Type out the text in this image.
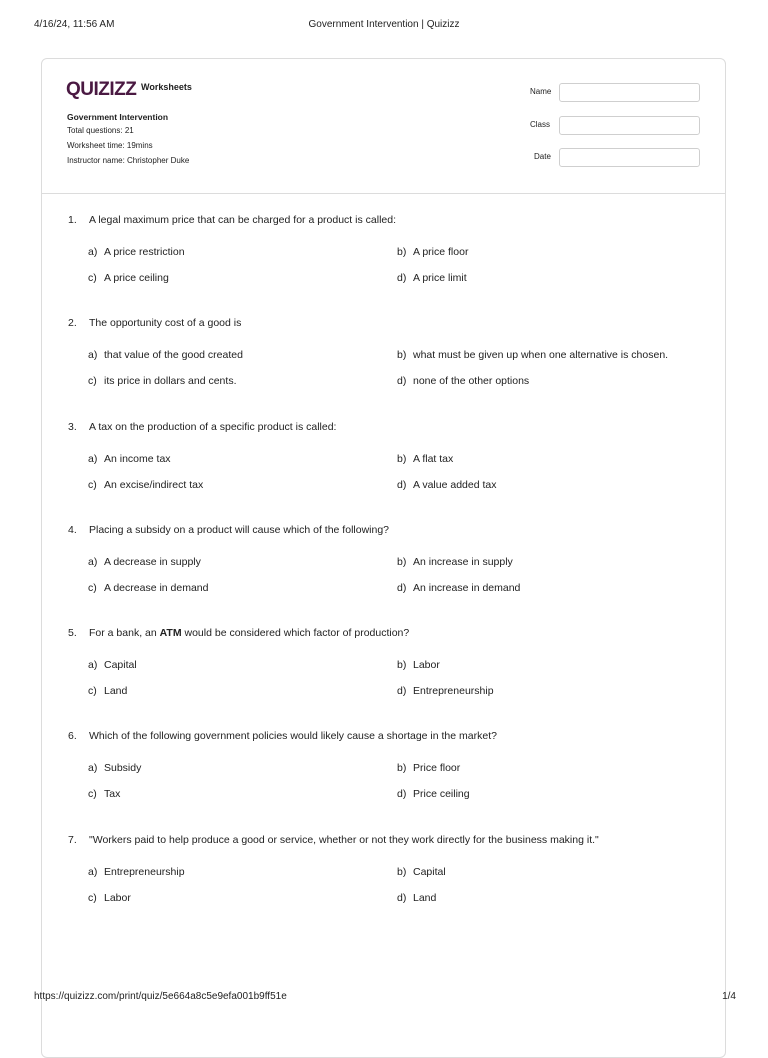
4/16/24, 11:56 AM	Government Intervention | Quizizz
QUIZIZZ Worksheets
Government Intervention
Total questions: 21
Worksheet time: 19mins
Instructor name: Christopher Duke
Name
Class
Date
1. A legal maximum price that can be charged for a product is called:
a) A price restriction	b) A price floor
c) A price ceiling	d) A price limit
2. The opportunity cost of a good is
a) that value of the good created	b) what must be given up when one alternative is chosen.
c) its price in dollars and cents.	d) none of the other options
3. A tax on the production of a specific product is called:
a) An income tax	b) A flat tax
c) An excise/indirect tax	d) A value added tax
4. Placing a subsidy on a product will cause which of the following?
a) A decrease in supply	b) An increase in supply
c) A decrease in demand	d) An increase in demand
5. For a bank, an ATM would be considered which factor of production?
a) Capital	b) Labor
c) Land	d) Entrepreneurship
6. Which of the following government policies would likely cause a shortage in the market?
a) Subsidy	b) Price floor
c) Tax	d) Price ceiling
7. "Workers paid to help produce a good or service, whether or not they work directly for the business making it."
a) Entrepreneurship	b) Capital
c) Labor	d) Land
https://quizizz.com/print/quiz/5e664a8c5e9efa001b9ff51e	1/4
